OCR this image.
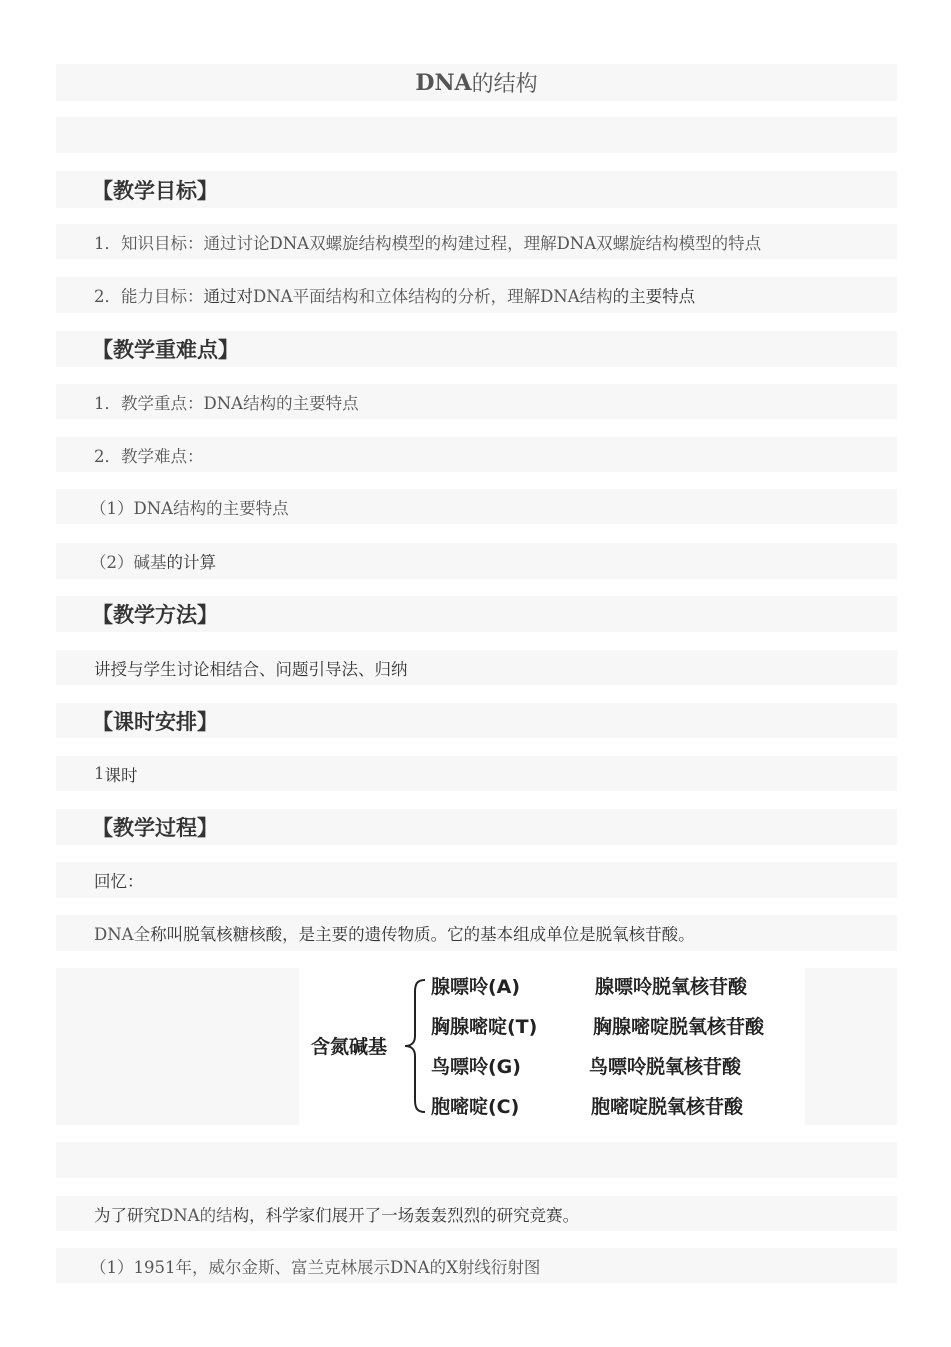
DNA 的结构
【教学目标】
1．知识目标：通过讨论DNA双螺旋结构模型的构建过程，理解DNA双螺旋结构模型的特点
2．能力目标： 通过对 DNA平面结构和立体结构的分析，理解DNA结构 的主要特点
【教学重难点】
1．教学重点：DNA结构的主要特点
2．教学难点：
（1）DNA结构的主要特点
（2）碱基 的计算
【教学方法】
讲授与学生讨论相结合、问题引导法、归纳
【课时安排】
1 课时
【教学过程】
回忆：
DNA全 称叫脱氧核糖核酸，是主要的遗传物质。它的基本组成单位是脱氧核苷酸。
含氮碱基
腺嘌呤(A)
胸腺嘧啶(T)
鸟嘌呤(G)
胞嘧啶(C)
腺嘌呤脱氧核苷酸
胸腺嘧啶脱氧核苷酸
鸟嘌呤脱氧核苷酸
胞嘧啶脱氧核苷酸
为了研究 DNA的结 构，科学家们展开了一场轰轰烈烈的研究竞赛。
（1）1951年，威尔金斯、富兰克林展示DNA的X射线衍射图
